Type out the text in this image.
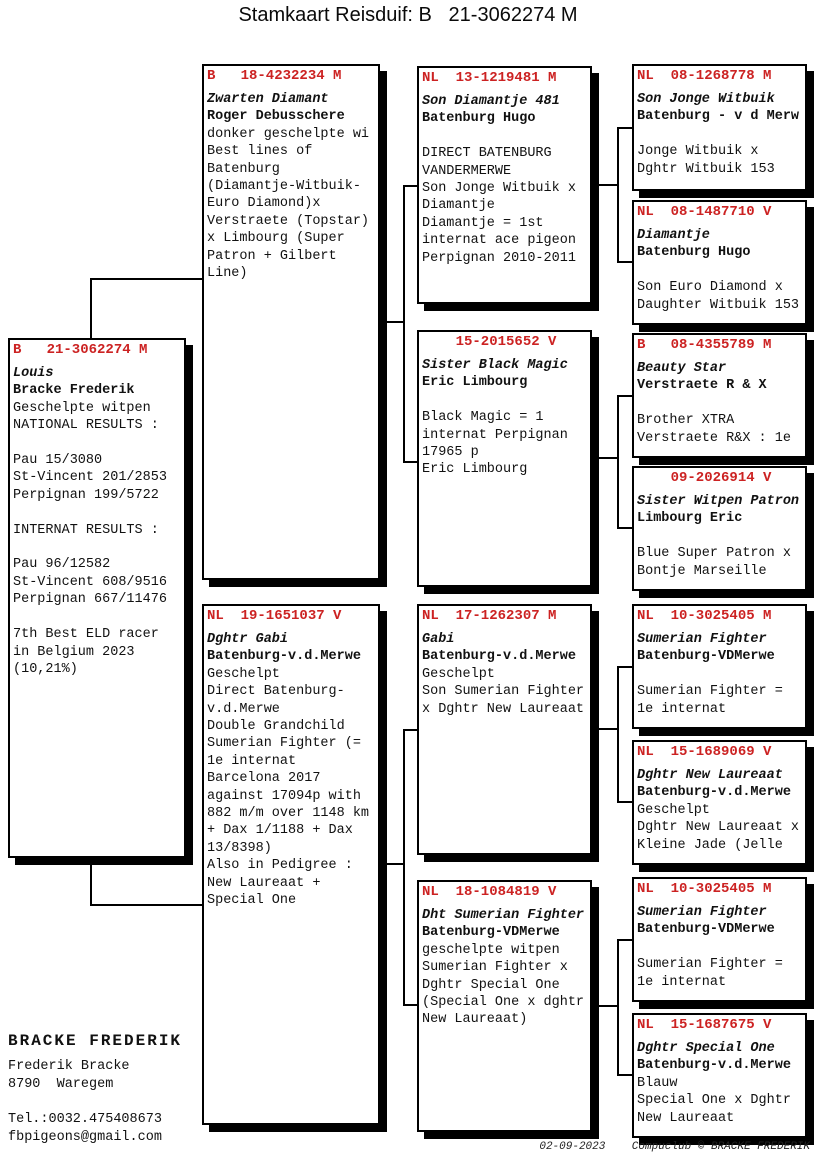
Stamkaart Reisduif: B   21-3062274 M
B   21-3062274 M
Louis
Bracke Frederik
Geschelpte witpen
NATIONAL RESULTS :

Pau 15/3080
St-Vincent 201/2853
Perpignan 199/5722

INTERNAT RESULTS :

Pau 96/12582
St-Vincent 608/9516
Perpignan 667/11476

7th Best ELD racer
in Belgium 2023
(10,21%)
B   18-4232234 M
Zwarten Diamant
Roger Debusschere
donker geschelpte wi
Best lines of
Batenburg
(Diamantje-Witbuik-
Euro Diamond)x
Verstraete (Topstar)
x Limbourg (Super
Patron + Gilbert
Line)
NL  19-1651037 V
Dghtr Gabi
Batenburg-v.d.Merwe
Geschelpt
Direct Batenburg-
v.d.Merwe
Double Grandchild
Sumerian Fighter (=
1e internat
Barcelona 2017
against 17094p with
882 m/m over 1148 km
+ Dax 1/1188 + Dax
13/8398)
Also in Pedigree :
New Laureaat +
Special One
NL  13-1219481 M
Son Diamantje 481
Batenburg Hugo

DIRECT BATENBURG
VANDERMERWE
Son Jonge Witbuik x
Diamantje
Diamantje = 1st
internat ace pigeon
Perpignan 2010-2011
15-2015652 V
Sister Black Magic
Eric Limbourg

Black Magic = 1
internat Perpignan
17965 p
Eric Limbourg
NL  17-1262307 M
Gabi
Batenburg-v.d.Merwe
Geschelpt
Son Sumerian Fighter
x Dghtr New Laureaat
NL  18-1084819 V
Dht Sumerian Fighter
Batenburg-VDMerwe
geschelpte witpen
Sumerian Fighter x
Dghtr Special One
(Special One x dghtr
New Laureaat)
NL  08-1268778 M
Son Jonge Witbuik
Batenburg - v d Merw

Jonge Witbuik x
Dghtr Witbuik 153
NL  08-1487710 V
Diamantje
Batenburg Hugo

Son Euro Diamond x
Daughter Witbuik 153
B   08-4355789 M
Beauty Star
Verstraete R & X

Brother XTRA
Verstraete R&X : 1e
09-2026914 V
Sister Witpen Patron
Limbourg Eric

Blue Super Patron x
Bontje Marseille
NL  10-3025405 M
Sumerian Fighter
Batenburg-VDMerwe

Sumerian Fighter =
1e internat
NL  15-1689069 V
Dghtr New Laureaat
Batenburg-v.d.Merwe
Geschelpt
Dghtr New Laureaat x
Kleine Jade (Jelle
NL  10-3025405 M
Sumerian Fighter
Batenburg-VDMerwe

Sumerian Fighter =
1e internat
NL  15-1687675 V
Dghtr Special One
Batenburg-v.d.Merwe
Blauw
Special One x Dghtr
New Laureaat
BRACKE FREDERIK
Frederik Bracke
8790  Waregem

Tel.:0032.475408673
fbpigeons@gmail.com
02-09-2023 Compuclub © BRACKE FREDERIK
